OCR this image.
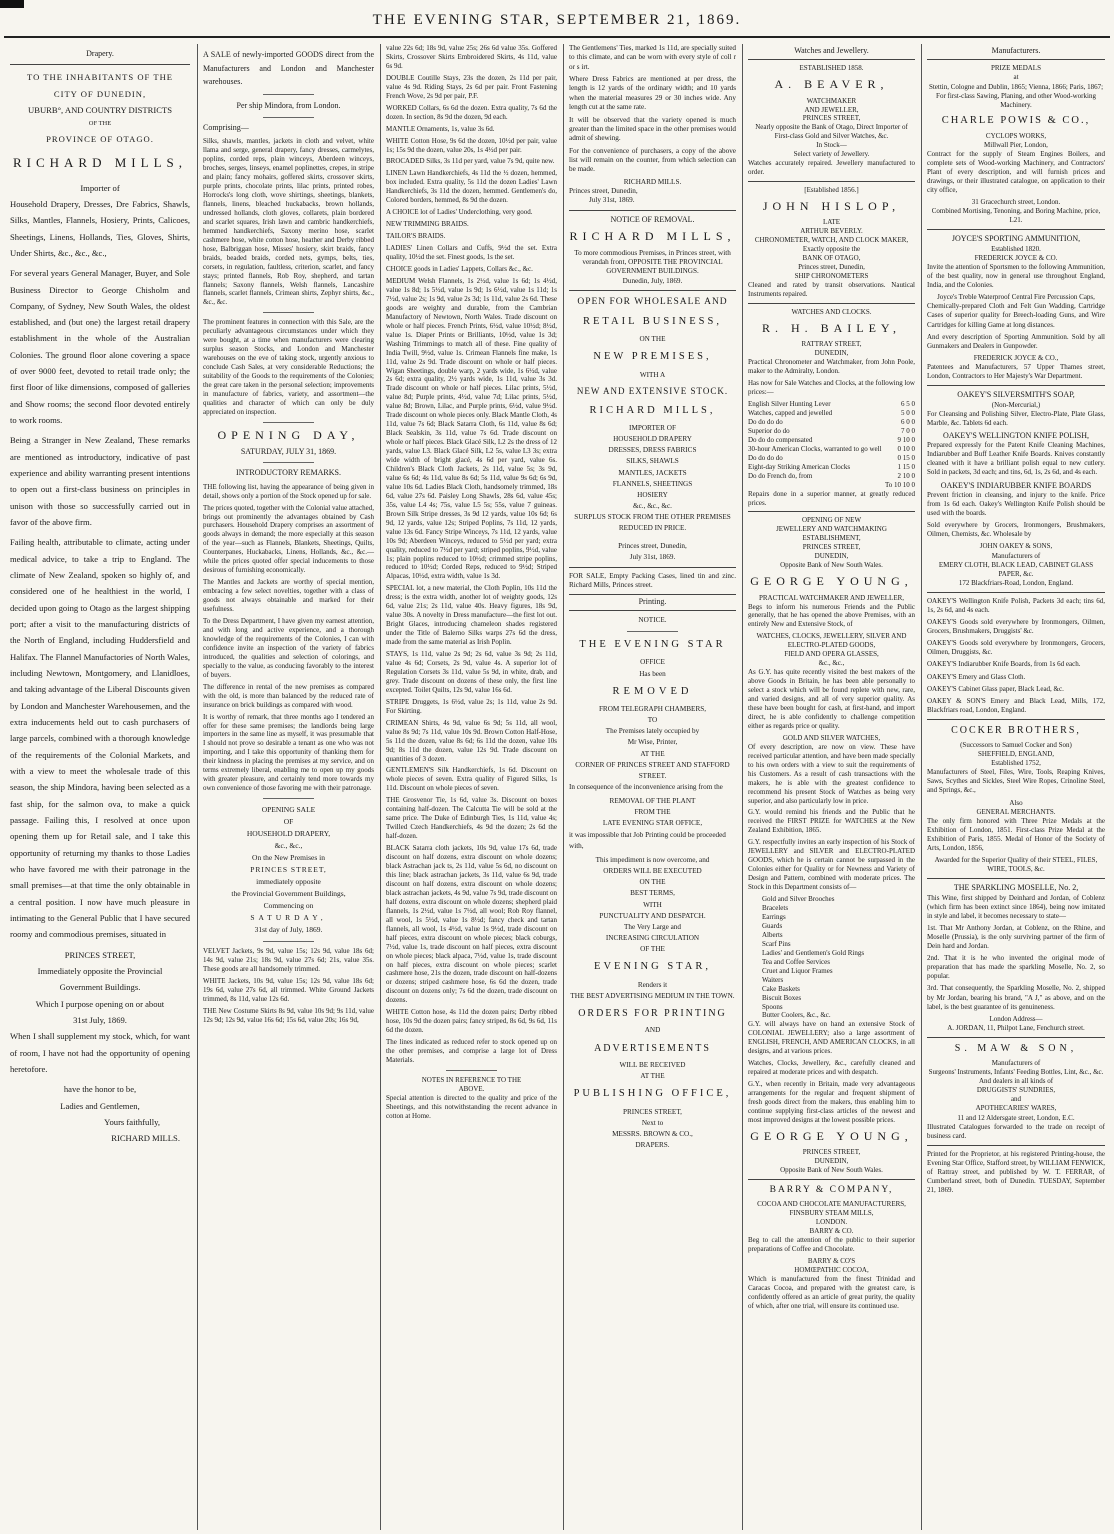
THE EVENING STAR, SEPTEMBER 21, 1869.
Drapery.
TO THE INHABITANTS OF THE
CITY OF DUNEDIN,
UBURB°, AND COUNTRY DISTRICTS
OF THE
PROVINCE OF OTAGO.
RICHARD MILLS,
Importer of
Household Drapery, Dresses, Dre Fabrics, Shawls, Silks, Mantles, Flannels, Hosiery, Prints, Calicoes, Sheetings, Linens, Hollands, Ties, Gloves, Shirts, Under Shirts, &c., &c., &c.,
For several years General Manager, Buyer, and Sole Business Director to George Chisholm and Company, of Sydney, New South Wales, the oldest established, and (but one) the largest retail drapery establishment in the whole of the Australian Colonies. The ground floor alone covering a space of over 9000 feet, devoted to retail trade only; the first floor of like dimensions, composed of galleries and Show rooms; the second floor devoted entirely to work rooms.
Being a Stranger in New Zealand, These remarks are mentioned as introductory, indicative of past experience and ability warranting present intentions to open out a first-class business on principles in unison with those so successfully carried out in favor of the above firm.
Failing health, attributable to climate, acting under medical advice, to take a trip to England. The climate of New Zealand, spoken so highly of, and considered one of he healthiest in the world, I decided upon going to Otago as the largest shipping port; after a visit to the manufacturing districts of the North of England, including Huddersfield and Halifax. The Flannel Manufactories of North Wales, including Newtown, Montgomery, and Llanidloes, and taking advantage of the Liberal Discounts given by London and Manchester Warehousemen, and the extra inducements held out to cash purchasers of large parcels, combined with a thorough knowledge of the requirements of the Colonial Markets, and with a view to meet the wholesale trade of this season, the ship Mindora, having been selected as a fast ship, for the salmon ova, to make a quick passage. Failing this, I resolved at once upon opening them up for Retail sale, and I take this opportunity of returning my thanks to those Ladies who have favored me with their patronage in the small premises—at that time the only obtainable in a central position. I now have much pleasure in intimating to the General Public that I have secured roomy and commodious premises, situated in
PRINCES STREET,
Immediately opposite the Provincial
Government Buildings.
Which I purpose opening on or about
31st July, 1869.
When I shall supplement my stock, which, for want of room, I have not had the opportunity of opening heretofore.
have the honor to be,
Ladies and Gentlemen,
Yours faithfully,
RICHARD MILLS.
A SALE of newly-imported GOODS direct from the Manufacturers and London and Manchester warehouses.
Per ship Mindora, from London.
Comprising—
Silks, shawls, mantles, jackets in cloth and velvet, white llama and serge, general drapery, fancy dresses, carmelytes, poplins, corded reps, plain winceys, Aberdeen winceys, broches, serges, linseys, enamel poplinettes, crepes, in stripe and plain; fancy mohairs, goffered skirts, crossover skirts, purple prints, chocolate prints, lilac prints, printed robes, Horrocks's long cloth, wove shirtings, sheetings, blankets, flannels, linens, bleached huckabacks, brown hollands, undressed hollands, cloth gloves, collarets, plain bordered and scarlet squares, Irish lawn and cambric handkerchiefs, hemmed handkerchiefs, Saxony merino hose, scarlet cashmere hose, white cotton hose, heather and Derby ribbed hose, Balbriggan hose, Misses' hosiery, skirt braids, fancy braids, beaded braids, corded nets, gymps, belts, ties, corsets, in regulation, faultless, criterion, scarlet, and fancy stays; printed flannels, Rob Roy, shepherd, and tartan flannels; Saxony flannels, Welsh flannels, Lancashire flannels, scarlet flannels, Crimean shirts, Zephyr shirts, &c., &c., &c.
The prominent features in connection with this Sale, are the peculiarly advantageous circumstances under which they were bought, at a time when manufacturers were clearing surplus season Stocks, and London and Manchester warehouses on the eve of taking stock, urgently anxious to conclude Cash Sales, at very considerable Reductions; the suitability of the Goods to the requirements of the Colonies; the great care taken in the personal selection; improvements in manufacture of fabrics, variety, and assortment—the qualities and character of which can only be duly appreciated on inspection.
OPENING DAY,
SATURDAY, JULY 31, 1869.
INTRODUCTORY REMARKS.
THE following list, having the appearance of being given in detail, shows only a portion of the Stock opened up for sale.
The prices quoted, together with the Colonial value attached, brings out prominently the advantages obtained by Cash purchasers. Household Drapery comprises an assortment of goods always in demand; the more especially at this season of the year—such as Flannels, Blankets, Sheetings, Quilts, Counterpanes, Huckabacks, Linens, Hollands, &c., &c.—while the prices quoted offer special inducements to those desirous of furnishing economically.
The Mantles and Jackets are worthy of special mention, embracing a few select novelties, together with a class of goods not always obtainable and marked for their usefulness.
To the Dress Department, I have given my earnest attention, and with long and active experience, and a thorough knowledge of the requirements of the Colonies, I can with confidence invite an inspection of the variety of fabrics introduced, the qualities and selection of colorings, and specially to the value, as conducing favorably to the interest of buyers.
The difference in rental of the new premises as compared with the old, is more than balanced by the reduced rate of insurance on brick buildings as compared with wood.
It is worthy of remark, that three months ago I tendered an offer for these same premises; the landlords being large importers in the same line as myself, it was presumable that I should not prove so desirable a tenant as one who was not importing, and I take this opportunity of thanking them for their kindness in placing the premises at my service, and on terms extremely liberal, enabling me to open up my goods with greater pleasure, and certainly tend more towards my own convenience of those favoring me with their patronage.
OPENING SALE
OF
HOUSEHOLD DRAPERY,
&c., &c.,
On the New Premises in
PRINCES STREET,
immediately opposite
the Provincial Government Buildings,
Commencing on
SATURDAY,
31st day of July, 1869.
VELVET Jackets, 9s 9d, value 15s; 12s 9d, value 18s 6d; 14s 9d, value 21s; 18s 9d, value 27s 6d; 21s, value 35s. These goods are all handsomely trimmed.
WHITE Jackets, 10s 9d, value 15s; 12s 9d, value 18s 6d; 19s 6d, value 27s 6d, all trimmed. White Ground Jackets trimmed, 8s 11d, value 12s 6d.
THE New Costume Skirts 8s 9d, value 10s 9d; 9s 11d, value 12s 9d; 12s 9d, value 16s 6d; 15s 6d, value 20s; 16s 9d,
value 22s 6d; 18s 9d, value 25s; 26s 6d value 35s. Goffered Skirts, Crossover Skirts Embroidered Skirts, 4s 11d, value 6s 9d.
DOUBLE Coutille Stays, 23s the dozen, 2s 11d per pair, value 4s 9d. Riding Stays, 2s 6d per pair. Front Fastening French Wove, 2s 9d per pair, P.F.
WORKED Collars, 6s 6d the dozen. Extra quality, 7s 6d the dozen. In section, 8s 9d the dozen, 9d each.
MANTLE Ornaments, 1s, value 3s 6d.
WHITE Cotton Hose, 9s 6d the dozen, 10½d per pair, value 1s; 15s 9d the dozen, value 20s, 1s 4½d per pair.
BROCADED Silks, 3s 11d per yard, value 7s 9d, quite new.
LINEN Lawn Handkerchiefs, 4s 11d the ½ dozen, hemmed, box included. Extra quality, 5s 11d the dozen Ladies' Lawn Handkerchiefs, 3s 11d the dozen, hemmed. Gentlemen's do, Colored borders, hemmed, 8s 9d the dozen.
A CHOICE lot of Ladies' Underclothing, very good.
NEW TRIMMING BRAIDS.
TAILOR'S BRAIDS.
LADIES' Linen Collars and Cuffs, 9½d the set. Extra quality, 10½d the set. Finest goods, 1s the set.
CHOICE goods in Ladies' Lappets, Collars &c., &c.
MEDIUM Welsh Flannels, 1s 2½d, value 1s 6d; 1s 4½d, value 1s 8d; 1s 5½d, value 1s 9d; 1s 6½d, value 1s 11d; 1s 7½d, value 2s; 1s 9d, value 2s 3d; 1s 11d, value 2s 6d. These goods are weighty and durable, from the Cambrian Manufactory of Newtown, North Wales. Trade discount on whole or half pieces. French Prints, 6½d, value 10½d; 8½d, value 1s. Diaper Prints or Brilliants, 10½d, value 1s 3d; Washing Trimmings to match all of these. Fine quality of India Twill, 9½d, value 1s. Crimean Flannels fine make, 1s 11d, value 2s 9d. Trade discount on whole or half pieces. Wigan Sheetings, double warp, 2 yards wide, 1s 6½d, value 2s 6d; extra quality, 2½ yards wide, 1s 11d, value 3s 3d. Trade discount on whole or half pieces. Lilac prints, 5½d, value 8d; Purple prints, 4½d, value 7d; Lilac prints, 5½d, value 8d; Brown, Lilac, and Purple prints, 6½d, value 9½d. Trade discount on whole pieces only. Black Mantle Cloth, 4s 11d, value 7s 6d; Black Satarra Cloth, 6s 11d, value 8s 6d; Black Sealskin, 3s 11d, value 7s 6d. Trade discount on whole or half pieces. Black Glacé Silk, L2 2s the dress of 12 yards, value L3. Black Glacé Silk, L2 5s, value L3 3s; extra wide width of bright glacé, 4s 6d per yard, value 6s. Children's Black Cloth Jackets, 2s 11d, value 5s; 3s 9d, value 6s 6d; 4s 11d, value 8s 6d; 5s 11d, value 9s 6d; 6s 9d, value 10s 6d. Ladies Black Cloth, handsomely trimmed, 18s 6d, value 27s 6d. Paisley Long Shawls, 28s 6d, value 45s; 35s, value L4 4s; 75s, value L5 5s; 55s, value 7 guineas. Brown Silk Stripe dresses, 3s 9d 12 yards, value 10s 6d; 6s 9d, 12 yards, value 12s; Striped Poplins, 7s 11d, 12 yards, value 13s 6d. Fancy Stripe Winceys, 7s 11d, 12 yards, value 10s 9d; Aberdeen Winceys, reduced to 5½d per yard; extra quality, reduced to 7½d per yard; striped poplins, 9½d, value 1s; plain poplins reduced to 10½d; crimmed stripe poplins, reduced to 10½d; Corded Reps, reduced to 9½d; Striped Alpacas, 10½d, extra width, value 1s 3d.
SPECIAL lot, a new material, the Cloth Poplin, 10s 11d the dress; is the extra width, another lot of weighty goods, 12s 6d, value 21s; 2s 11d, value 40s. Heavy figures, 18s 9d, value 30s. A novelty in Dress manufacture—the first lot out. Bright Glaces, introducing chameleon shades registered under the Title of Balerno Silks warps 27s 6d the dress, made from the same material as Irish Poplin.
STAYS, 1s 11d, value 2s 9d; 2s 6d, value 3s 9d; 2s 11d, value 4s 6d; Corsets, 2s 9d, value 4s. A superior lot of Regulation Corsets 3s 11d, value 5s 9d, in white, drab, and grey. Trade discount on dozens of these only, the first line excepted. Toilet Quilts, 12s 9d, value 16s 6d.
STRIPE Druggets, 1s 6½d, value 2s; 1s 11d, value 2s 9d. For Skirting.
CRIMEAN Shirts, 4s 9d, value 6s 9d; 5s 11d, all wool, value 8s 9d; 7s 11d, value 10s 9d. Brown Cotton Half-Hose, 5s 11d the dozen, value 8s 6d; 6s 11d the dozen, value 10s 9d; 8s 11d the dozen, value 12s 9d. Trade discount on quantities of 3 dozen.
GENTLEMEN'S Silk Handkerchiefs, 1s 6d. Discount on whole pieces of seven. Extra quality of Figured Silks, 1s 11d. Discount on whole pieces of seven.
THE Grosvenor Tie, 1s 6d, value 3s. Discount on boxes containing half-dozen. The Calcutta Tie will be sold at the same price. The Duke of Edinburgh Ties, 1s 11d, value 4s; Twilled Czech Handkerchiefs, 4s 9d the dozen; 2s 6d the half-dozen.
BLACK Satarra cloth jackets, 10s 9d, value 17s 6d, trade discount on half dozens, extra discount on whole dozens; black Astrachan jack ts, 2s 11d, value 5s 6d, no discount on this line; black astrachan jackets, 3s 11d, value 6s 9d, trade discount on half dozens, extra discount on whole dozens; black astrachan jackets, 4s 9d, value 7s 9d, trade discount on half dozens, extra discount on whole dozens; shepherd plaid flannels, 1s 2½d, value 1s 7½d, all wool; Rob Roy flannel, all wool, 1s 5½d, value 1s 8½d; fancy check and tartan flannels, all wool, 1s 4½d, value 1s 9½d, trade discount on half pieces, extra discount on whole pieces; black coburgs, 7½d, value 1s, trade discount on half pieces, extra discount on whole pieces; black alpaca, 7½d, value 1s, trade discount on half pieces, extra discount on whole pieces; scarlet cashmere hose, 21s the dozen, trade discount on half-dozens or dozens; striped cashmere hose, 6s 6d the dozen, trade discount on dozens only; 7s 6d the dozen, trade discount on dozens.
WHITE Cotton hose, 4s 11d the dozen pairs; Derby ribbed hose, 10s 9d the dozen pairs; fancy striped, 8s 6d, 9s 6d, 11s 6d the dozen.
The lines indicated as reduced refer to stock opened up on the other premises, and comprise a large lot of Dress Materials.
NOTES IN REFERENCE TO THE
ABOVE.
Special attention is directed to the quality and price of the Sheetings, and this notwithstanding the recent advance in cotton at Home.
The Gentlemens' Ties, marked 1s 11d, are specially suited to this climate, and can be worn with every style of coll r or s irt.
Where Dress Fabrics are mentioned at per dress, the length is 12 yards of the ordinary width; and 10 yards when the material measures 29 or 30 inches wide. Any length cut at the same rate.
It will be observed that the variety opened is much greater than the limited space in the other premises would admit of shewing.
For the convenience of purchasers, a copy of the above list will remain on the counter, from which selection can be made.
RICHARD MILLS.
Princes street, Dunedin,
July 31st, 1869.
NOTICE OF REMOVAL.
RICHARD MILLS,
To more commodious Premises, in Princes street, with verandah front, OPPOSITE THE PROVINCIAL GOVERNMENT BUILDINGS.
Dunedin, July, 1869.
OPEN FOR WHOLESALE AND
RETAIL BUSINESS,
ON THE
NEW PREMISES,
WITH A
NEW AND EXTENSIVE STOCK.
RICHARD MILLS,
IMPORTER OF
HOUSEHOLD DRAPERY
DRESSES, DRESS FABRICS
SILKS, SHAWLS
MANTLES, JACKETS
FLANNELS, SHEETINGS
HOSIERY
&c., &c., &c.
SURPLUS STOCK FROM THE OTHER PREMISES REDUCED IN PRICE.
Princes street, Dunedin,
July 31st, 1869.
FOR SALE, Empty Packing Cases, lined tin and zinc. Richard Mills, Princes street.
Printing.
NOTICE.
THE EVENING STAR
OFFICE
Has been
REMOVED
FROM TELEGRAPH CHAMBERS,
TO
The Premises lately occupied by
Mr Wise, Printer,
AT THE
CORNER OF PRINCES STREET AND STAFFORD STREET.
In consequence of the inconvenience arising from the
REMOVAL OF THE PLANT
FROM THE
LATE EVENING STAR OFFICE,
it was impossible that Job Printing could be proceeded with,
This impediment is now overcome, and
ORDERS WILL BE EXECUTED
ON THE
BEST TERMS,
WITH
PUNCTUALITY AND DESPATCH.
The Very Large and
INCREASING CIRCULATION
OF THE
EVENING STAR,
Renders it
THE BEST ADVERTISING MEDIUM IN THE TOWN.
ORDERS FOR PRINTING
AND
ADVERTISEMENTS
WILL BE RECEIVED
AT THE
PUBLISHING OFFICE,
PRINCES STREET,
Next to
MESSRS. BROWN & CO.,
DRAPERS.
Watches and Jewellery.
ESTABLISHED 1858.
A. BEAVER,
WATCHMAKER
AND JEWELLER,
PRINCES STREET,
Nearly opposite the Bank of Otago, Direct Importer of First-class Gold and Silver Watches, &c.
In Stock—
Select variety of Jewellery.
Watches accurately repaired. Jewellery manufactured to order.
[Established 1856.]
JOHN HISLOP,
LATE
ARTHUR BEVERLY.
CHRONOMETER, WATCH, AND CLOCK MAKER,
Exactly opposite the
BANK OF OTAGO,
Princes street, Dunedin,
SHIP CHRONOMETERS
Cleaned and rated by transit observations. Nautical Instruments repaired.
WATCHES AND CLOCKS.
R. H. BAILEY,
RATTRAY STREET,
DUNEDIN,
Practical Chronometer and Watchmaker, from John Poole, maker to the Admiralty, London.
Has now for Sale Watches and Clocks, at the following low prices:—
English Silver Hunting Lever	6 5 0
Watches, capped and jewelled	5 0 0
Do do do do	6 0 0
Superior do do	7 0 0
Do do do compensated	9 10 0
30-hour American Clocks, warranted to go well 0 10 0
Do do do do	0 15 0
Eight-day Striking American Clocks	1 15 0
Do do French do, from	2 10 0
To 10 10 0
Repairs done in a superior manner, at greatly reduced prices.
OPENING OF NEW
JEWELLERY AND WATCHMAKING ESTABLISHMENT,
PRINCES STREET,
DUNEDIN,
Opposite Bank of New South Wales.
GEORGE YOUNG,
PRACTICAL WATCHMAKER AND JEWELLER,
Begs to inform his numerous Friends and the Public generally, that he has opened the above Premises, with an entirely New and Extensive Stock, of
WATCHES, CLOCKS, JEWELLERY, SILVER AND ELECTRO-PLATED GOODS,
FIELD AND OPERA GLASSES,
&c., &c.,
As G.Y. has quite recently visited the best makers of the above Goods in Britain, he has been able personally to select a stock which will be found replete with new, rare, and varied designs, and all of very superior quality. As these have been bought for cash, at first-hand, and import direct, he is able confidently to challenge competition either as regards price or quality.
GOLD AND SILVER WATCHES,
Of every description, are now on view. These have received particular attention, and have been made specially to his own orders with a view to suit the requirements of his Customers. As a result of cash transactions with the makers, he is able with the greatest confidence to recommend his present Stock of Watches as being very superior, and also particularly low in price.
G.Y. would remind his friends and the Public that he received the FIRST PRIZE for WATCHES at the New Zealand Exhibition, 1865.
G.Y. respectfully invites an early inspection of his Stock of JEWELLERY and SILVER and ELECTRO-PLATED GOODS, which he is certain cannot be surpassed in the Colonies either for Quality or for Newness and Variety of Design and Pattern, combined with moderate prices. The Stock in this Department consists of—
Gold and Silver Brooches
Bracelets
Earrings
Guards
Alberts
Scarf Pins
Ladies' and Gentlemen's Gold Rings
Tea and Coffee Services
Cruet and Liquor Frames
Waiters
Cake Baskets
Biscuit Boxes
Spoons
Butter Coolers, &c., &c.
G.Y. will always have on hand an extensive Stock of COLONIAL JEWELLERY; also a large assortment of ENGLISH, FRENCH, AND AMERICAN CLOCKS, in all designs, and at various prices.
Watches, Clocks, Jewellery, &c., carefully cleaned and repaired at moderate prices and with despatch.
G.Y., when recently in Britain, made very advantageous arrangements for the regular and frequent shipment of fresh goods direct from the makers, thus enabling him to continue supplying first-class articles of the newest and most improved designs at the lowest possible prices.
GEORGE YOUNG,
PRINCES STREET,
DUNEDIN,
Opposite Bank of New South Wales.
BARRY & COMPANY,
COCOA AND CHOCOLATE MANUFACTURERS,
FINSBURY STEAM MILLS,
LONDON.
BARRY & CO.
Beg to call the attention of the public to their superior preparations of Coffee and Chocolate.
BARRY & CO'S
HOMŒPATHIC COCOA,
Which is manufactured from the finest Trinidad and Caracas Cocoa, and prepared with the greatest care, is confidently offered as an article of great purity, the quality of which, after one trial, will ensure its continued use.
Manufacturers.
PRIZE MEDALS
at
Stettin, Cologne and Dublin, 1865; Vienna, 1866; Paris, 1867;
For first-class Sawing, Planing, and other Wood-working Machinery.
CHARLE POWIS & CO.,
CYCLOPS WORKS,
Millwall Pier, London,
Contract for the supply of Steam Engines Boilers, and complete sets of Wood-working Machinery, and Contractors' Plant of every description, and will furnish prices and drawings, or their illustrated catalogue, on application to their city office,
31 Gracechurch street, London.
Combined Mortising, Tenoning, and Boring Machine, price, L21.
JOYCE'S SPORTING AMMUNITION,
Established 1820.
FREDERICK JOYCE & CO.
Invite the attention of Sportsmen to the following Ammunition, of the best quality, now in general use throughout England, India, and the Colonies.
Joyce's Treble Waterproof Central Fire Percussion Caps,
Chemically-prepared Cloth and Felt Gun Wadding, Cartridge Cases of superior quality for Breech-loading Guns, and Wire Cartridges for killing Game at long distances.
And every description of Sporting Ammunition. Sold by all Gunmakers and Dealers in Gunpowder.
FREDERICK JOYCE & CO.,
Patentees and Manufacturers, 57 Upper Thames street, London, Contractors to Her Majesty's War Department.
OAKEY'S SILVERSMITH'S SOAP,
(Non-Mercurial,)
For Cleansing and Polishing Silver, Electro-Plate, Plate Glass, Marble, &c. Tablets 6d each.
OAKEY'S WELLINGTON KNIFE POLISH,
Prepared expressly for the Patent Knife Cleaning Machines, Indiarubber and Buff Leather Knife Boards. Knives constantly cleaned with it have a brilliant polish equal to new cutlery. Sold in packets, 3d each; and tins, 6d, 1s, 2s 6d, and 4s each.
OAKEY'S INDIARUBBER KNIFE BOARDS
Prevent friction in cleansing, and injury to the knife. Price from 1s 6d each. Oakey's Wellington Knife Polish should be used with the boards.
Sold everywhere by Grocers, Ironmongers, Brushmakers, Oilmen, Chemists, &c. Wholesale by
JOHN OAKEY & SONS,
Manufacturers of
EMERY CLOTH, BLACK LEAD, CABINET GLASS PAPER, &c.
172 Blackfriars-Road, London, England.
OAKEY'S Wellington Knife Polish, Packets 3d each; tins 6d, 1s, 2s 6d, and 4s each.
OAKEY'S Goods sold everywhere by Ironmongers, Oilmen, Grocers, Brushmakers, Druggists' &c.
OAKEY'S Goods sold everywhere by Ironmongers, Grocers, Oilmen, Druggists, &c.
OAKEY'S Indiarubber Knife Boards, from 1s 6d each.
OAKEY'S Emery and Glass Cloth.
OAKEY'S Cabinet Glass paper, Black Lead, &c.
OAKEY & SON'S Emery and Black Lead, Mills, 172, Blackfriars road, London, England.
COCKER BROTHERS,
(Successors to Samuel Cocker and Son)
SHEFFIELD, ENGLAND,
Established 1752,
Manufacturers of Steel, Files, Wire, Tools, Reaping Knives, Saws, Scythes and Sickles, Steel Wire Ropes, Crinoline Steel, and Springs, &c.,
Also
GENERAL MERCHANTS.
The only firm honored with Three Prize Medals at the Exhibition of London, 1851. First-class Prize Medal at the Exhibition of Paris, 1855. Medal of Honor of the Society of Arts, London, 1856,
Awarded for the Superior Quality of their STEEL, FILES, WIRE, TOOLS, &c.
THE SPARKLING MOSELLE, No. 2,
This Wine, first shipped by Deinhard and Jordan, of Coblenz (which firm has been extinct since 1864), being now imitated in style and label, it becomes necessary to state—
1st. That Mr Anthony Jordan, at Coblenz, on the Rhine, and Moselle (Prussia), is the only surviving partner of the firm of Dein hard and Jordan.
2nd. That it is he who invented the original mode of preparation that has made the sparkling Moselle, No. 2, so popular.
3rd. That consequently, the Sparkling Moselle, No. 2, shipped by Mr Jordan, bearing his brand, "A J," as above, and on the label, is the best guarantee of its genuineness.
London Address—
A. JORDAN, 11, Philpot Lane, Fenchurch street.
S. MAW & SON,
Manufacturers of
Surgeons' Instruments, Infants' Feeding Bottles, Lint, &c., &c.
And dealers in all kinds of
DRUGGISTS' SUNDRIES,
and
APOTHECARIES' WARES,
11 and 12 Aldersgate street, London, E.C.
Illustrated Catalogues forwarded to the trade on receipt of business card.
Printed for the Proprietor, at his registered Printing-house, the Evening Star Office, Stafford street, by WILLIAM FENWICK, of Rattray street, and published by W. T. FERRAR, of Cumberland street, both of Dunedin. TUESDAY, September 21, 1869.
